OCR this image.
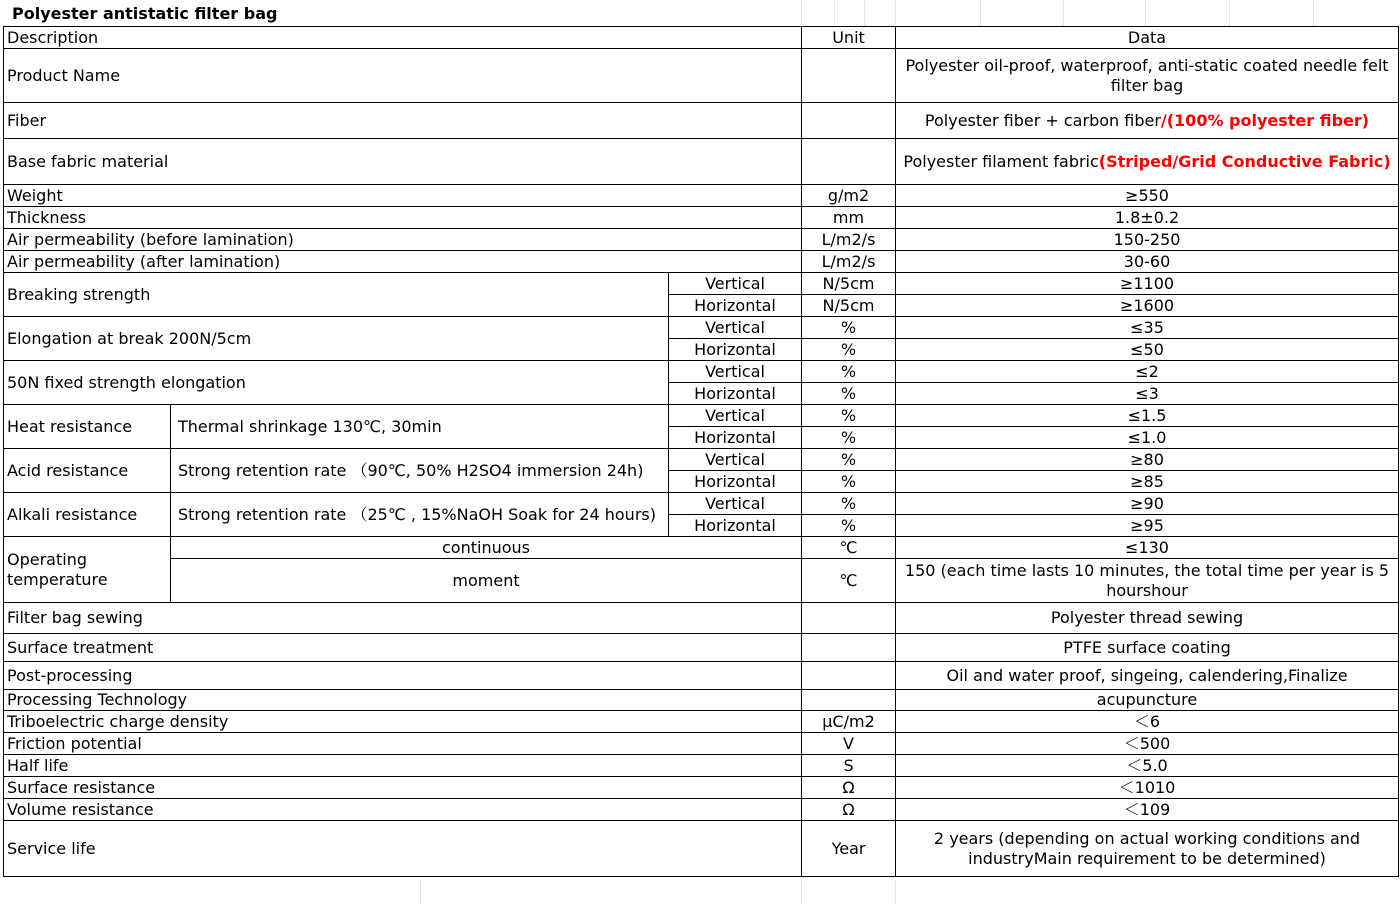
Polyester antistatic filter bag
Description			Unit	Data
Product Name				Polyester oil-proof, waterproof, anti-static coated needle felt filter bag
Fiber				Polyester fiber + carbon fiber/(100% polyester fiber)
Base fabric material				Polyester filament fabric(Striped/Grid Conductive Fabric)
Weight			g/m2	≥550
Thickness			mm	1.8±0.2
Air permeability (before lamination)			L/m2/s	150-250
Air permeability (after lamination)			L/m2/s	30-60
Breaking strength		Vertical	N/5cm	≥1100
		Horizontal	N/5cm	≥1600
Elongation at break 200N/5cm		Vertical	%	≤35
		Horizontal	%	≤50
50N fixed strength elongation		Vertical	%	≤2
		Horizontal	%	≤3
Heat resistance	Thermal shrinkage 130℃, 30min	Vertical	%	≤1.5
		Horizontal	%	≤1.0
Acid resistance	Strong retention rate （90℃, 50% H2SO4 immersion 24h)	Vertical	%	≥80
		Horizontal	%	≥85
Alkali resistance	Strong retention rate （25℃ , 15%NaOH Soak for 24 hours)	Vertical	%	≥90
		Horizontal	%	≥95
Operating temperature	continuous		℃	≤130
	moment		℃	150 (each time lasts 10 minutes, the total time per year is 5 hourshour
Filter bag sewing				Polyester thread sewing
Surface treatment				PTFE surface coating
Post-processing				Oil and water proof, singeing, calendering,Finalize
Processing Technology				acupuncture
Triboelectric charge density			μC/m2	＜6
Friction potential			V	＜500
Half life			S	＜5.0
Surface resistance			Ω	＜1010
Volume resistance			Ω	＜109
Service life			Year	2 years (depending on actual working conditions and industryMain requirement to be determined)
